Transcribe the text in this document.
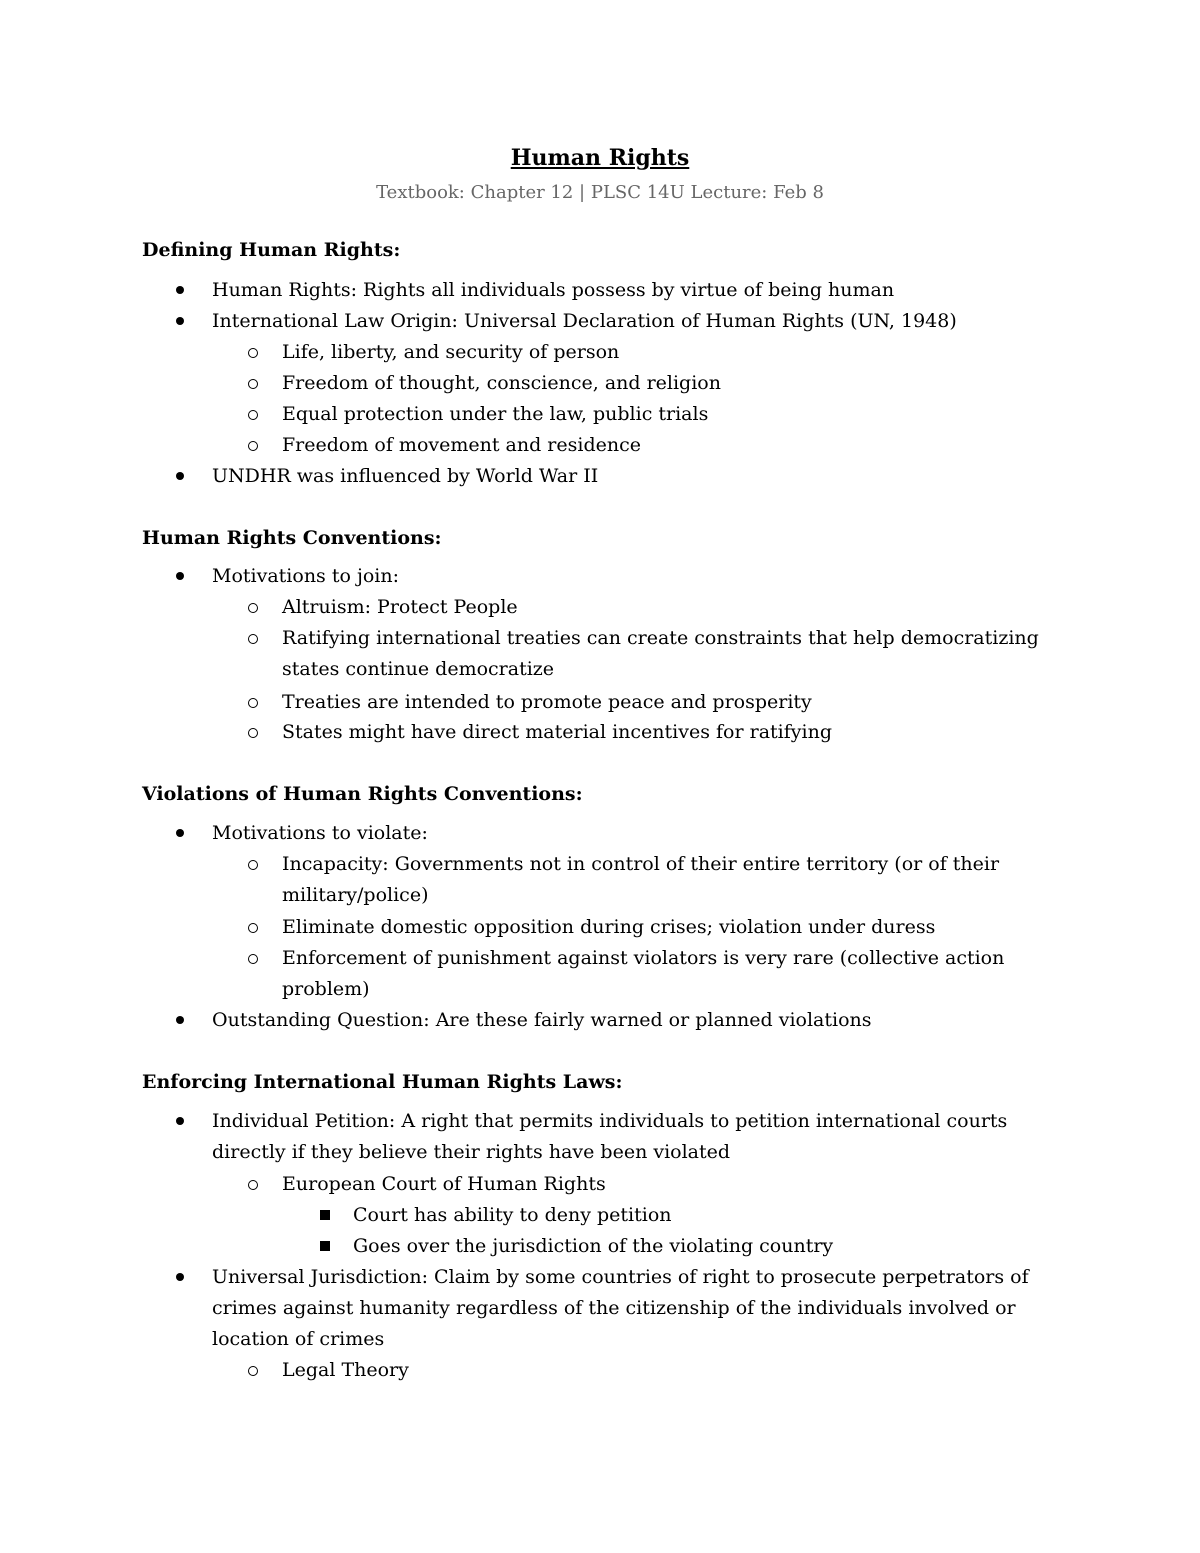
Human Rights
Textbook: Chapter 12 | PLSC 14U Lecture: Feb 8
Defining Human Rights:
Human Rights: Rights all individuals possess by virtue of being human
International Law Origin: Universal Declaration of Human Rights (UN, 1948)
Life, liberty, and security of person
Freedom of thought, conscience, and religion
Equal protection under the law, public trials
Freedom of movement and residence
UNDHR was influenced by World War II
Human Rights Conventions:
Motivations to join:
Altruism: Protect People
Ratifying international treaties can create constraints that help democratizing
states continue democratize
Treaties are intended to promote peace and prosperity
States might have direct material incentives for ratifying
Violations of Human Rights Conventions:
Motivations to violate:
Incapacity: Governments not in control of their entire territory (or of their
military/police)
Eliminate domestic opposition during crises; violation under duress
Enforcement of punishment against violators is very rare (collective action
problem)
Outstanding Question: Are these fairly warned or planned violations
Enforcing International Human Rights Laws:
Individual Petition: A right that permits individuals to petition international courts
directly if they believe their rights have been violated
European Court of Human Rights
Court has ability to deny petition
Goes over the jurisdiction of the violating country
Universal Jurisdiction: Claim by some countries of right to prosecute perpetrators of
crimes against humanity regardless of the citizenship of the individuals involved or
location of crimes
Legal Theory
